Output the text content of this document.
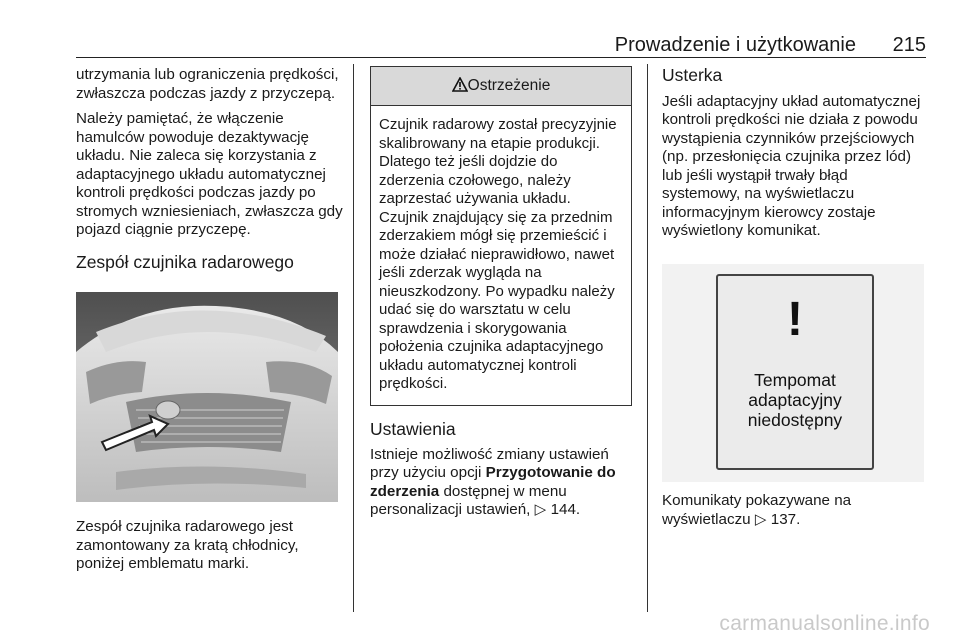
Prowadzenie i użytkowanie 215

utrzymania lub ograniczenia prędkości, zwłaszcza podczas jazdy z przyczepą.

Należy pamiętać, że włączenie hamulców powoduje dezaktywację układu. Nie zaleca się korzystania z adaptacyjnego układu automatycznej kontroli prędkości podczas jazdy po stromych wzniesieniach, zwłaszcza gdy pojazd ciągnie przyczepę.

Zespół czujnika radarowego

Zespół czujnika radarowego jest zamontowany za kratą chłodnicy, poniżej emblematu marki.

Ostrzeżenie
Czujnik radarowy został precyzyjnie skalibrowany na etapie produkcji. Dlatego też jeśli dojdzie do zderzenia czołowego, należy zaprzestać używania układu. Czujnik znajdujący się za przednim zderzakiem mógł się przemieścić i może działać nieprawidłowo, nawet jeśli zderzak wygląda na nieuszkodzony. Po wypadku należy udać się do warsztatu w celu sprawdzenia i skorygowania położenia czujnika adaptacyjnego układu automatycznej kontroli prędkości.
Ustawienia

Istnieje możliwość zmiany ustawień przy użyciu opcji Przygotowanie do zderzenia dostępnej w menu personalizacji ustawień, ▷ 144.

Usterka

Jeśli adaptacyjny układ automatycznej kontroli prędkości nie działa z powodu wystąpienia czynników przejściowych (np. przesłonięcia czujnika przez lód) lub jeśli wystąpił trwały błąd systemowy, na wyświetlaczu informacyjnym kierowcy zostaje wyświetlony komunikat.

!
Tempomat
adaptacyjny
niedostępny

Komunikaty pokazywane na wyświetlaczu ▷ 137.

carmanualsonline.info
